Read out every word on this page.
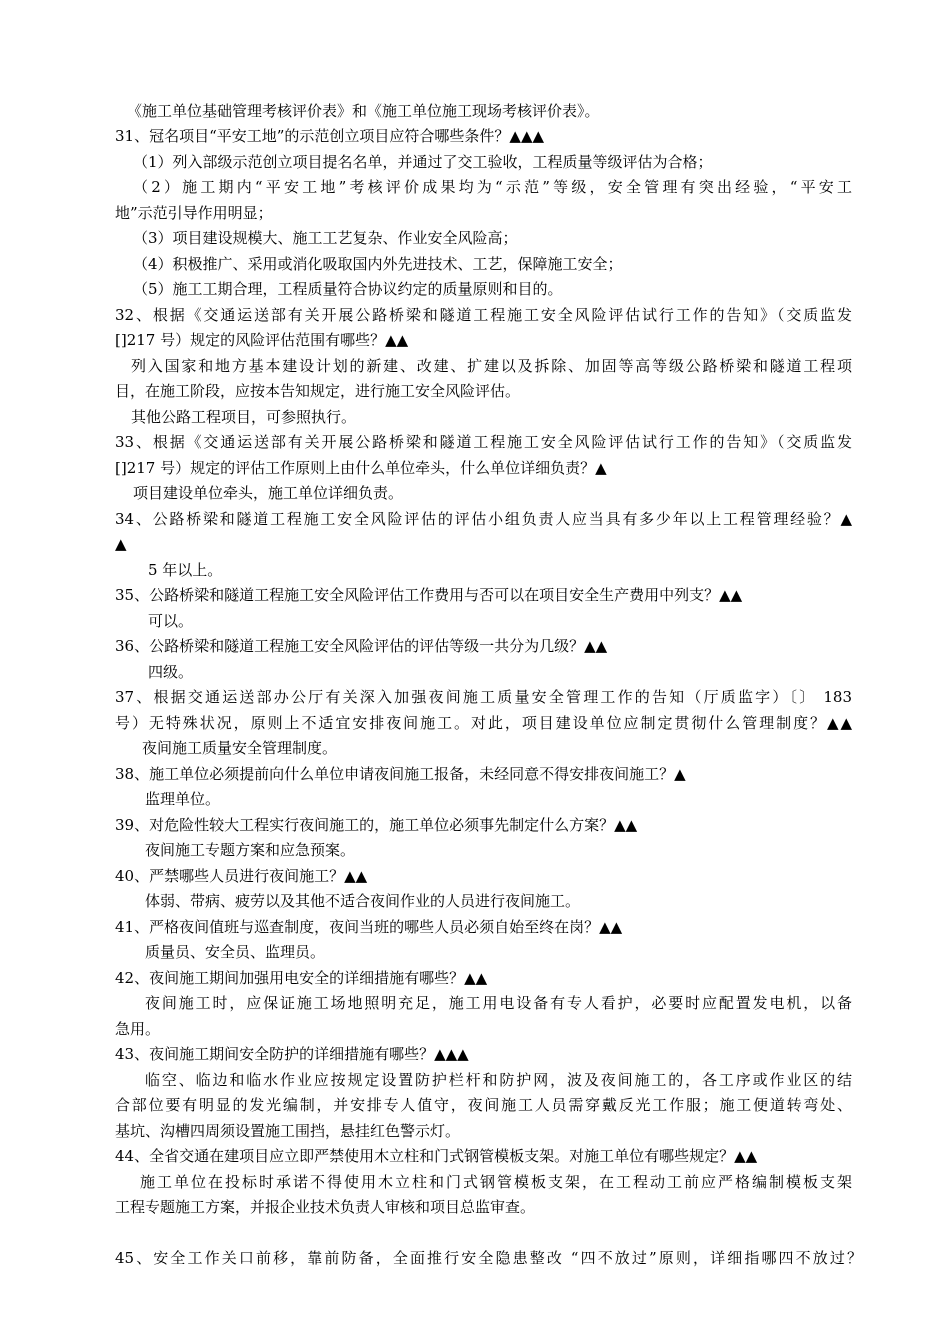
《施工单位基础管理考核评价表》和《施工单位施工现场考核评价表》。
31、冠名项目“平安工地”的示范创立项目应符合哪些条件？▲▲▲
（1）列入部级示范创立项目提名名单，并通过了交工验收，工程质量等级评估为合格；
（2）施工期内“平安工地”考核评价成果均为“示范”等级，安全管理有突出经验，“平安工
地”示范引导作用明显；
（3）项目建设规模大、施工工艺复杂、作业安全风险高；
（4）积极推广、采用或消化吸取国内外先进技术、工艺，保障施工安全；
（5）施工工期合理，工程质量符合协议约定的质量原则和目的。
32、根据《交通运送部有关开展公路桥梁和隧道工程施工安全风险评估试行工作的告知》（交质监发
[]217 号）规定的风险评估范围有哪些？▲▲
列入国家和地方基本建设计划的新建、改建、扩建以及拆除、加固等高等级公路桥梁和隧道工程项
目，在施工阶段，应按本告知规定，进行施工安全风险评估。
其他公路工程项目，可参照执行。
33、根据《交通运送部有关开展公路桥梁和隧道工程施工安全风险评估试行工作的告知》（交质监发
[]217 号）规定的评估工作原则上由什么单位牵头，什么单位详细负责？▲
项目建设单位牵头，施工单位详细负责。
34、公路桥梁和隧道工程施工安全风险评估的评估小组负责人应当具有多少年以上工程管理经验？▲
▲
5 年以上。
35、公路桥梁和隧道工程施工安全风险评估工作费用与否可以在项目安全生产费用中列支？▲▲
可以。
36、公路桥梁和隧道工程施工安全风险评估的评估等级一共分为几级？▲▲
四级。
37、根据交通运送部办公厅有关深入加强夜间施工质量安全管理工作的告知（厅质监字）〔〕 183
号）无特殊状况，原则上不适宜安排夜间施工。对此，项目建设单位应制定贯彻什么管理制度？▲▲
夜间施工质量安全管理制度。
38、施工单位必须提前向什么单位申请夜间施工报备，未经同意不得安排夜间施工？▲
监理单位。
39、对危险性较大工程实行夜间施工的，施工单位必须事先制定什么方案？▲▲
夜间施工专题方案和应急预案。
40、严禁哪些人员进行夜间施工？▲▲
体弱、带病、疲劳以及其他不适合夜间作业的人员进行夜间施工。
41、严格夜间值班与巡查制度，夜间当班的哪些人员必须自始至终在岗？▲▲
质量员、安全员、监理员。
42、夜间施工期间加强用电安全的详细措施有哪些？▲▲
夜间施工时，应保证施工场地照明充足，施工用电设备有专人看护，必要时应配置发电机，以备
急用。
43、夜间施工期间安全防护的详细措施有哪些？▲▲▲
临空、临边和临水作业应按规定设置防护栏杆和防护网，波及夜间施工的，各工序或作业区的结
合部位要有明显的发光编制，并安排专人值守，夜间施工人员需穿戴反光工作服；施工便道转弯处、
基坑、沟槽四周须设置施工围挡，悬挂红色警示灯。
44、全省交通在建项目应立即严禁使用木立柱和门式钢管模板支架。对施工单位有哪些规定？▲▲
施工单位在投标时承诺不得使用木立柱和门式钢管模板支架，在工程动工前应严格编制模板支架
工程专题施工方案，并报企业技术负责人审核和项目总监审查。
45、安全工作关口前移，靠前防备，全面推行安全隐患整改 “四不放过”原则，详细指哪四不放过？
